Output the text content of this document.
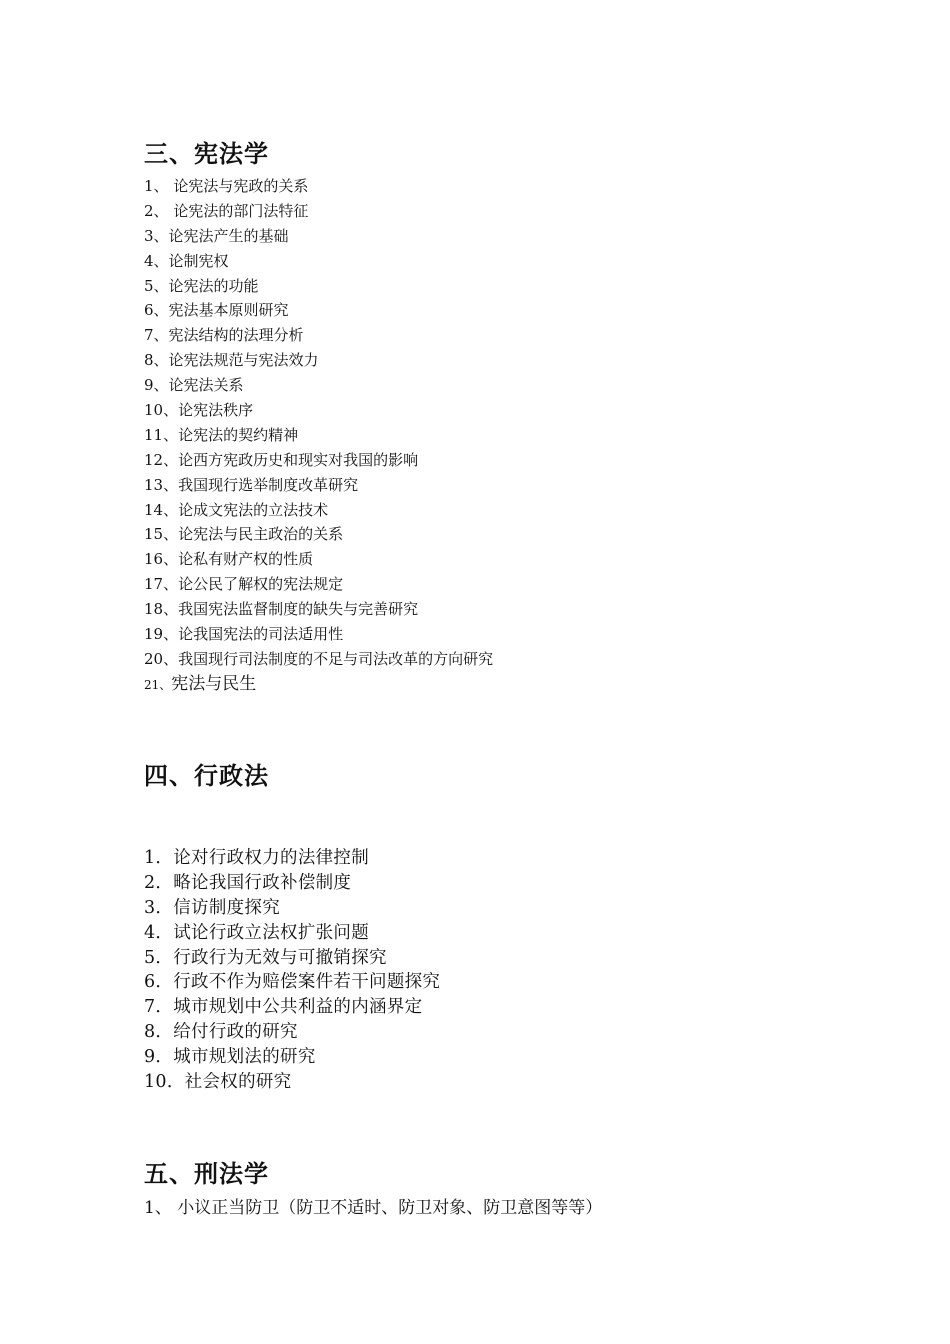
三、宪法学
1、 论宪法与宪政的关系
2、 论宪法的部门法特征
3、论宪法产生的基础
4、论制宪权
5、论宪法的功能
6、宪法基本原则研究
7、宪法结构的法理分析
8、论宪法规范与宪法效力
9、论宪法关系
10、论宪法秩序
11、论宪法的契约精神
12、论西方宪政历史和现实对我国的影响
13、我国现行选举制度改革研究
14、论成文宪法的立法技术
15、论宪法与民主政治的关系
16、论私有财产权的性质
17、论公民了解权的宪法规定
18、我国宪法监督制度的缺失与完善研究
19、论我国宪法的司法适用性
20、我国现行司法制度的不足与司法改革的方向研究
21、宪法与民生
四、行政法
1．论对行政权力的法律控制
2．略论我国行政补偿制度
3．信访制度探究
4．试论行政立法权扩张问题
5．行政行为无效与可撤销探究
6．行政不作为赔偿案件若干问题探究
7．城市规划中公共利益的内涵界定
8．给付行政的研究
9．城市规划法的研究
10．社会权的研究
五、刑法学
1、 小议正当防卫（防卫不适时、防卫对象、防卫意图等等）
